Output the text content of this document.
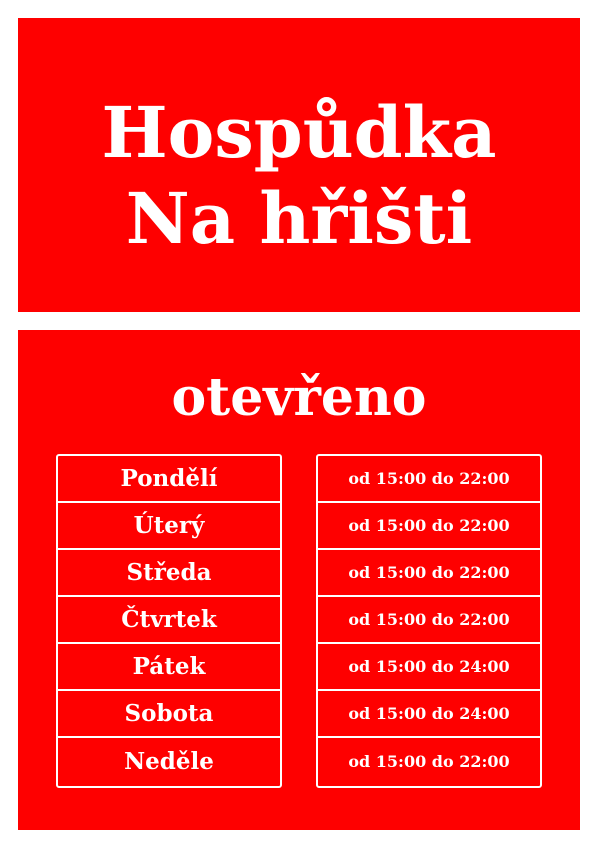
Hospůdka
Na hřišti

otevřeno

Pondělí
Úterý
Středa
Čtvrtek
Pátek
Sobota
Neděle
od 15:00 do 22:00
od 15:00 do 22:00
od 15:00 do 22:00
od 15:00 do 22:00
od 15:00 do 24:00
od 15:00 do 24:00
od 15:00 do 22:00
